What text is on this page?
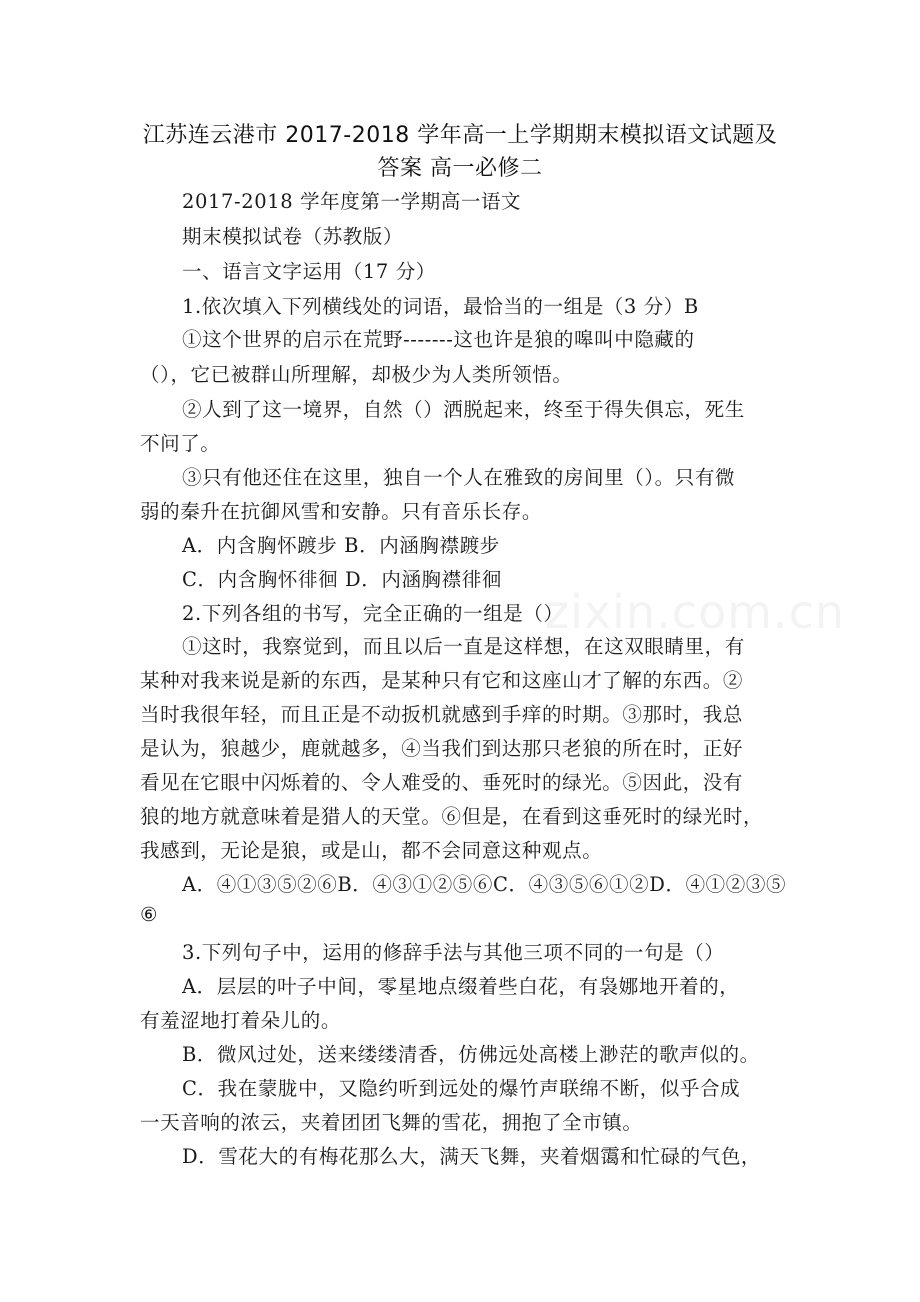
zixin.com.cn
江苏连云港市 2017-2018 学年高一上学期期末模拟语文试题及
答案 高一必修二
2017-2018 学年度第一学期高一语文
期末模拟试卷（苏教版）
一、语言文字运用（17 分）
1.依次填入下列横线处的词语，最恰当的一组是（3 分）B
①这个世界的启示在荒野-------这也许是狼的嗥叫中隐藏的
（），它已被群山所理解，却极少为人类所领悟。
②人到了这一境界，自然（）洒脱起来，终至于得失俱忘，死生
不问了。
③只有他还住在这里，独自一个人在雅致的房间里（）。只有微
弱的秦升在抗御风雪和安静。只有音乐长存。
A．内含胸怀踱步 B．内涵胸襟踱步
C．内含胸怀徘徊 D．内涵胸襟徘徊
2.下列各组的书写，完全正确的一组是（）
①这时，我察觉到，而且以后一直是这样想，在这双眼睛里，有
某种对我来说是新的东西，是某种只有它和这座山才了解的东西。②
当时我很年轻，而且正是不动扳机就感到手痒的时期。③那时，我总
是认为，狼越少，鹿就越多，④当我们到达那只老狼的所在时，正好
看见在它眼中闪烁着的、令人难受的、垂死时的绿光。⑤因此，没有
狼的地方就意味着是猎人的天堂。⑥但是，在看到这垂死时的绿光时，
我感到，无论是狼，或是山，都不会同意这种观点。
A．④①③⑤②⑥B．④③①②⑤⑥C．④③⑤⑥①②D．④①②③⑤
⑥
3.下列句子中，运用的修辞手法与其他三项不同的一句是（）
A．层层的叶子中间，零星地点缀着些白花，有袅娜地开着的，
有羞涩地打着朵儿的。
B．微风过处，送来缕缕清香，仿佛远处高楼上渺茫的歌声似的。
C．我在蒙胧中，又隐约听到远处的爆竹声联绵不断，似乎合成
一天音响的浓云，夹着团团飞舞的雪花，拥抱了全市镇。
D．雪花大的有梅花那么大，满天飞舞，夹着烟霭和忙碌的气色，
